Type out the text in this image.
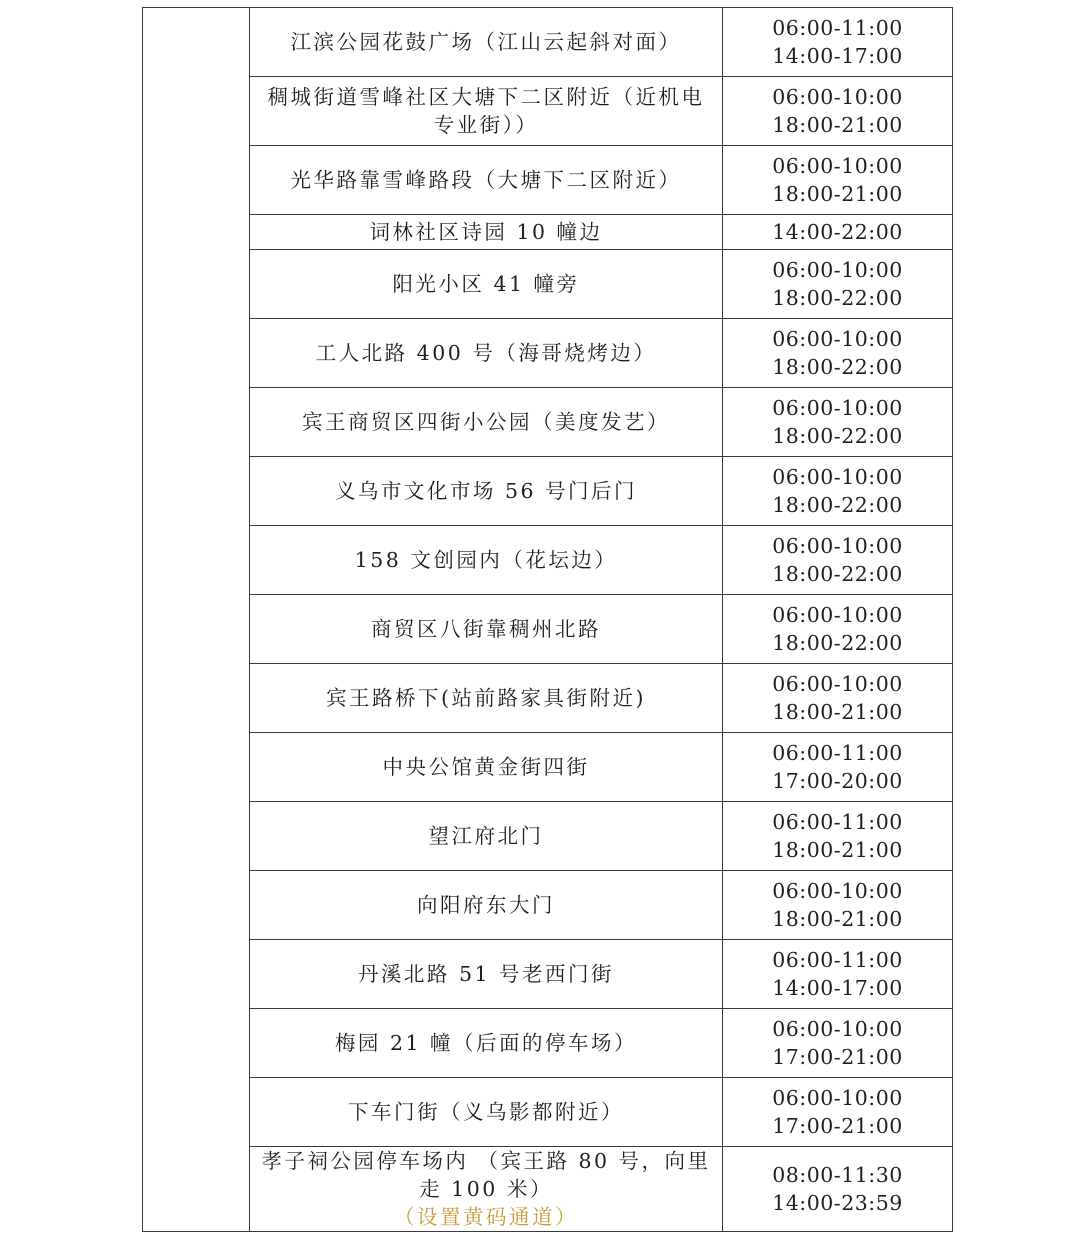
	江滨公园花鼓广场（江山云起斜对面）	06:00-11:00
14:00-17:00

	稠城街道雪峰社区大塘下二区附近（近机电专业街））	06:00-10:00
18:00-21:00

	光华路靠雪峰路段（大塘下二区附近）	06:00-10:00
18:00-21:00

	词林社区诗园 10 幢边	14:00-22:00

	阳光小区 41 幢旁	06:00-10:00
18:00-22:00

	工人北路 400 号（海哥烧烤边）	06:00-10:00
18:00-22:00

	宾王商贸区四街小公园（美度发艺）	06:00-10:00
18:00-22:00

	义乌市文化市场 56 号门后门	06:00-10:00
18:00-22:00

	158 文创园内（花坛边）	06:00-10:00
18:00-22:00

	商贸区八街靠稠州北路	06:00-10:00
18:00-22:00

	宾王路桥下(站前路家具街附近)	06:00-10:00
18:00-21:00

	中央公馆黄金街四街	06:00-11:00
17:00-20:00

	望江府北门	06:00-11:00
18:00-21:00

	向阳府东大门	06:00-10:00
18:00-21:00

	丹溪北路 51 号老西门街	06:00-11:00
14:00-17:00

	梅园 21 幢（后面的停车场）	06:00-10:00
17:00-21:00

	下车门街（义乌影都附近）	06:00-10:00
17:00-21:00

	孝子祠公园停车场内 （宾王路 80 号，向里走 100 米）
（设置黄码通道）	08:00-11:30
14:00-23:59
